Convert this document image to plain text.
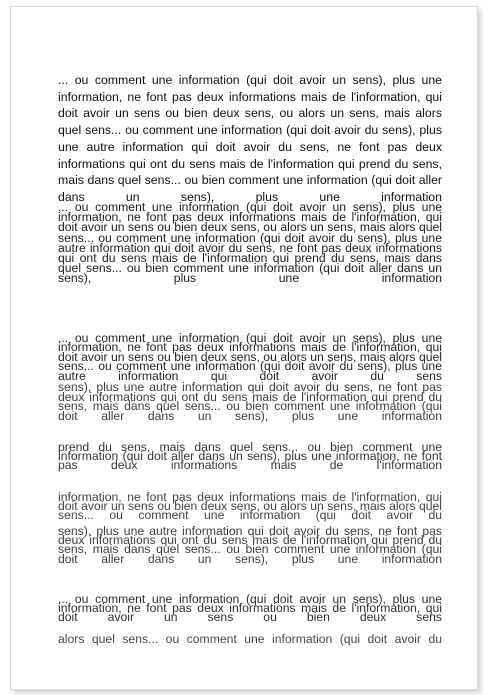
... ou comment une information (qui doit avoir un sens), plus une information, ne font pas deux informations mais de l'information, qui doit avoir un sens ou bien deux sens, ou alors un sens, mais alors quel sens... ou comment une information (qui doit avoir du sens), plus une autre information qui doit avoir du sens, ne font pas deux informations qui ont du sens mais de l'information qui prend du sens, mais dans quel sens... ou bien comment une information (qui doit aller dans un sens), plus une information

... ou comment une information (qui doit avoir un sens), plus une information, ne font pas deux informations mais de l'information, qui doit avoir un sens ou bien deux sens, ou alors un sens, mais alors quel sens... ou comment une information (qui doit avoir du sens), plus une autre information qui doit avoir du sens, ne font pas deux informations qui ont du sens mais de l'information qui prend du sens, mais dans quel sens... ou bien comment une information (qui doit aller dans un sens), plus une information

... ou comment une information (qui doit avoir un sens), plus une information, ne font pas deux informations mais de l'information, qui doit avoir un sens ou bien deux sens, ou alors un sens, mais alors quel sens... ou comment une information (qui doit avoir du sens), plus une autre information qui doit avoir du sens

sens), plus une autre information qui doit avoir du sens, ne font pas deux informations qui ont du sens mais de l'information qui prend du sens, mais dans quel sens... ou bien comment une information (qui doit aller dans un sens), plus une information

prend du sens, mais dans quel sens... ou bien comment une information (qui doit aller dans un sens), plus une information, ne font pas deux informations mais de l'information

information, ne font pas deux informations mais de l'information, qui doit avoir un sens ou bien deux sens, ou alors un sens, mais alors quel sens... ou comment une information (qui doit avoir du

sens), plus une autre information qui doit avoir du sens, ne font pas deux informations qui ont du sens mais de l'information qui prend du sens, mais dans quel sens... ou bien comment une information (qui doit aller dans un sens), plus une information

... ou comment une information (qui doit avoir un sens), plus une information, ne font pas deux informations mais de l'information, qui doit avoir un sens ou bien deux sens

alors quel sens... ou comment une information (qui doit avoir du
